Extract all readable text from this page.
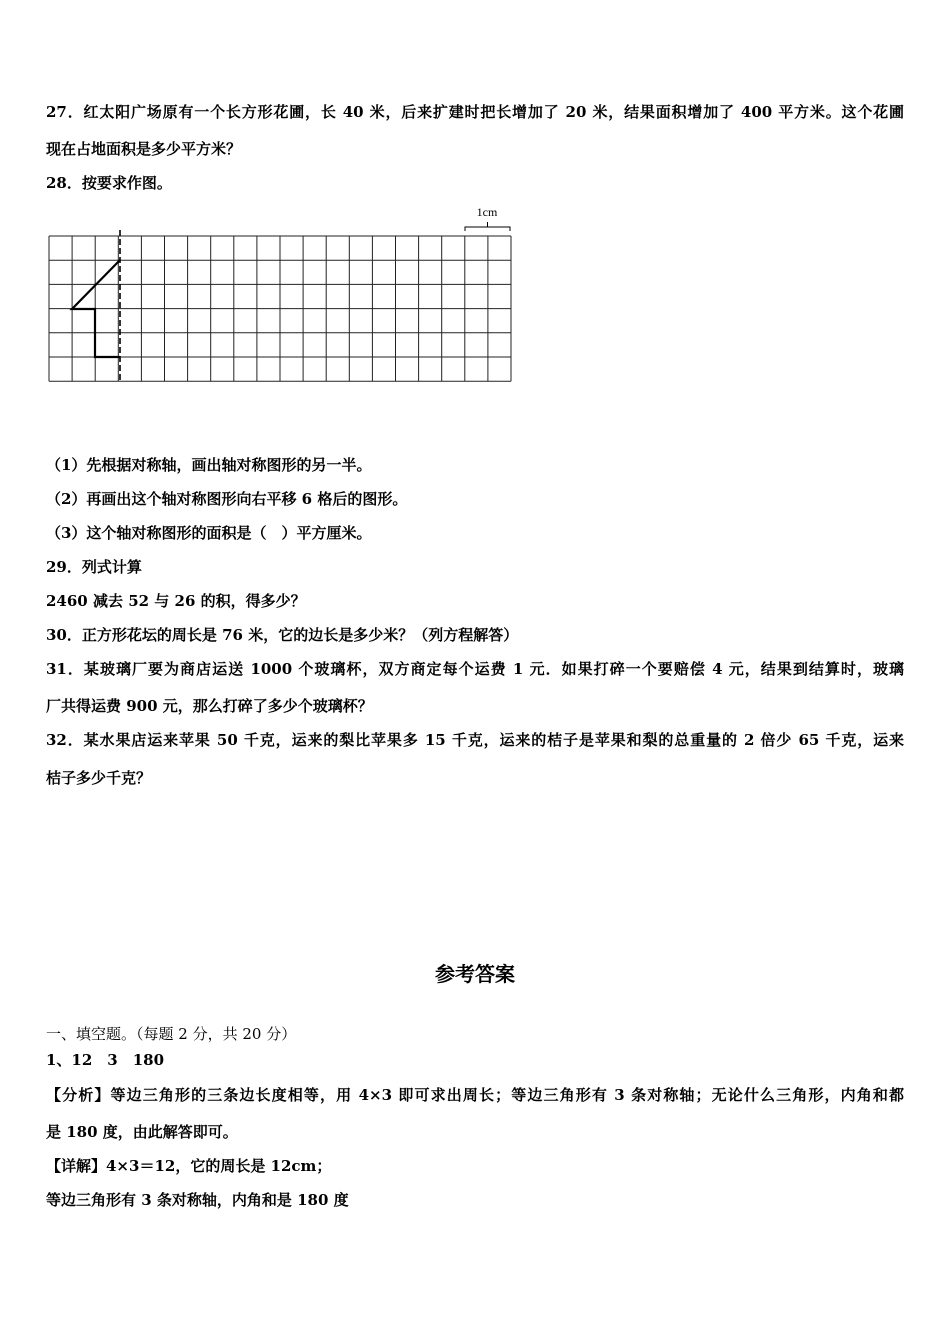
27．红太阳广场原有一个长方形花圃，长 40 米，后来扩建时把长增加了 20 米，结果面积增加了 400 平方米。这个花圃

现在占地面积是多少平方米？

28．按要求作图。

1cm

（1）先根据对称轴，画出轴对称图形的另一半。

（2）再画出这个轴对称图形向右平移 6 格后的图形。

（3）这个轴对称图形的面积是（　）平方厘米。

29．列式计算

2460 减去 52 与 26 的积，得多少？

30．正方形花坛的周长是 76 米，它的边长是多少米？（列方程解答）

31．某玻璃厂要为商店运送 1000 个玻璃杯，双方商定每个运费 1 元．如果打碎一个要赔偿 4 元，结果到结算时，玻璃

厂共得运费 900 元，那么打碎了多少个玻璃杯？

32．某水果店运来苹果 50 千克，运来的梨比苹果多 15 千克，运来的桔子是苹果和梨的总重量的 2 倍少 65 千克，运来

桔子多少千克？

参考答案

一、填空题。（每题 2 分，共 20 分）

1、12　3　180

【分析】等边三角形的三条边长度相等，用 4×3 即可求出周长；等边三角形有 3 条对称轴；无论什么三角形，内角和都

是 180 度，由此解答即可。

【详解】4×3＝12，它的周长是 12cm；

等边三角形有 3 条对称轴，内角和是 180 度
